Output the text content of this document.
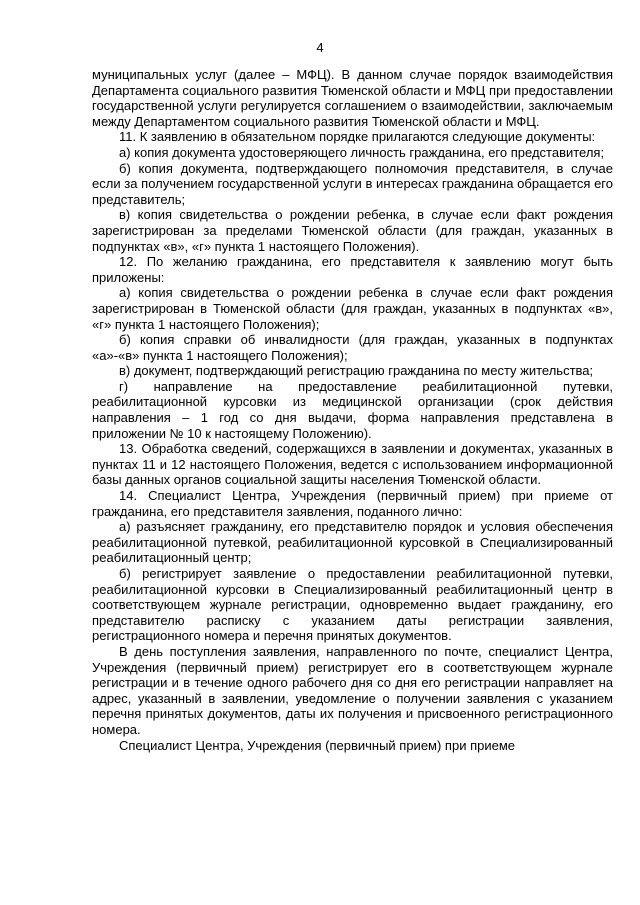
4

муниципальных услуг (далее – МФЦ). В данном случае порядок взаимодействия Департамента социального развития Тюменской области и МФЦ при предоставлении государственной услуги регулируется соглашением о взаимодействии, заключаемым между Департаментом социального развития Тюменской области и МФЦ.

11. К заявлению в обязательном порядке прилагаются следующие документы:

а) копия документа удостоверяющего личность гражданина, его представителя;

б) копия документа, подтверждающего полномочия представителя, в случае если за получением государственной услуги в интересах гражданина обращается его представитель;

в) копия свидетельства о рождении ребенка, в случае если факт рождения зарегистрирован за пределами Тюменской области (для граждан, указанных в подпунктах «в», «г» пункта 1 настоящего Положения).

12. По желанию гражданина, его представителя к заявлению могут быть приложены:

а) копия свидетельства о рождении ребенка в случае если факт рождения зарегистрирован в Тюменской области (для граждан, указанных в подпунктах «в», «г» пункта 1 настоящего Положения);

б) копия справки об инвалидности (для граждан, указанных в подпунктах «а»-«в» пункта 1 настоящего Положения);

в) документ, подтверждающий регистрацию гражданина по месту жительства;

г) направление на предоставление реабилитационной путевки, реабилитационной курсовки из медицинской организации (срок действия направления – 1 год со дня выдачи, форма направления представлена в приложении № 10 к настоящему Положению).

13. Обработка сведений, содержащихся в заявлении и документах, указанных в пунктах 11 и 12 настоящего Положения, ведется с использованием информационной базы данных органов социальной защиты населения Тюменской области.

14. Специалист Центра, Учреждения (первичный прием) при приеме от гражданина, его представителя заявления, поданного лично:

а) разъясняет гражданину, его представителю порядок и условия обеспечения реабилитационной путевкой, реабилитационной курсовкой в Специализированный реабилитационный центр;

б) регистрирует заявление о предоставлении реабилитационной путевки, реабилитационной курсовки в Специализированный реабилитационный центр в соответствующем журнале регистрации, одновременно выдает гражданину, его представителю расписку с указанием даты регистрации заявления, регистрационного номера и перечня принятых документов.

В день поступления заявления, направленного по почте, специалист Центра, Учреждения (первичный прием) регистрирует его в соответствующем журнале регистрации и в течение одного рабочего дня со дня его регистрации направляет на адрес, указанный в заявлении, уведомление о получении заявления с указанием перечня принятых документов, даты их получения и присвоенного регистрационного номера.

Специалист Центра, Учреждения (первичный прием) при приеме
